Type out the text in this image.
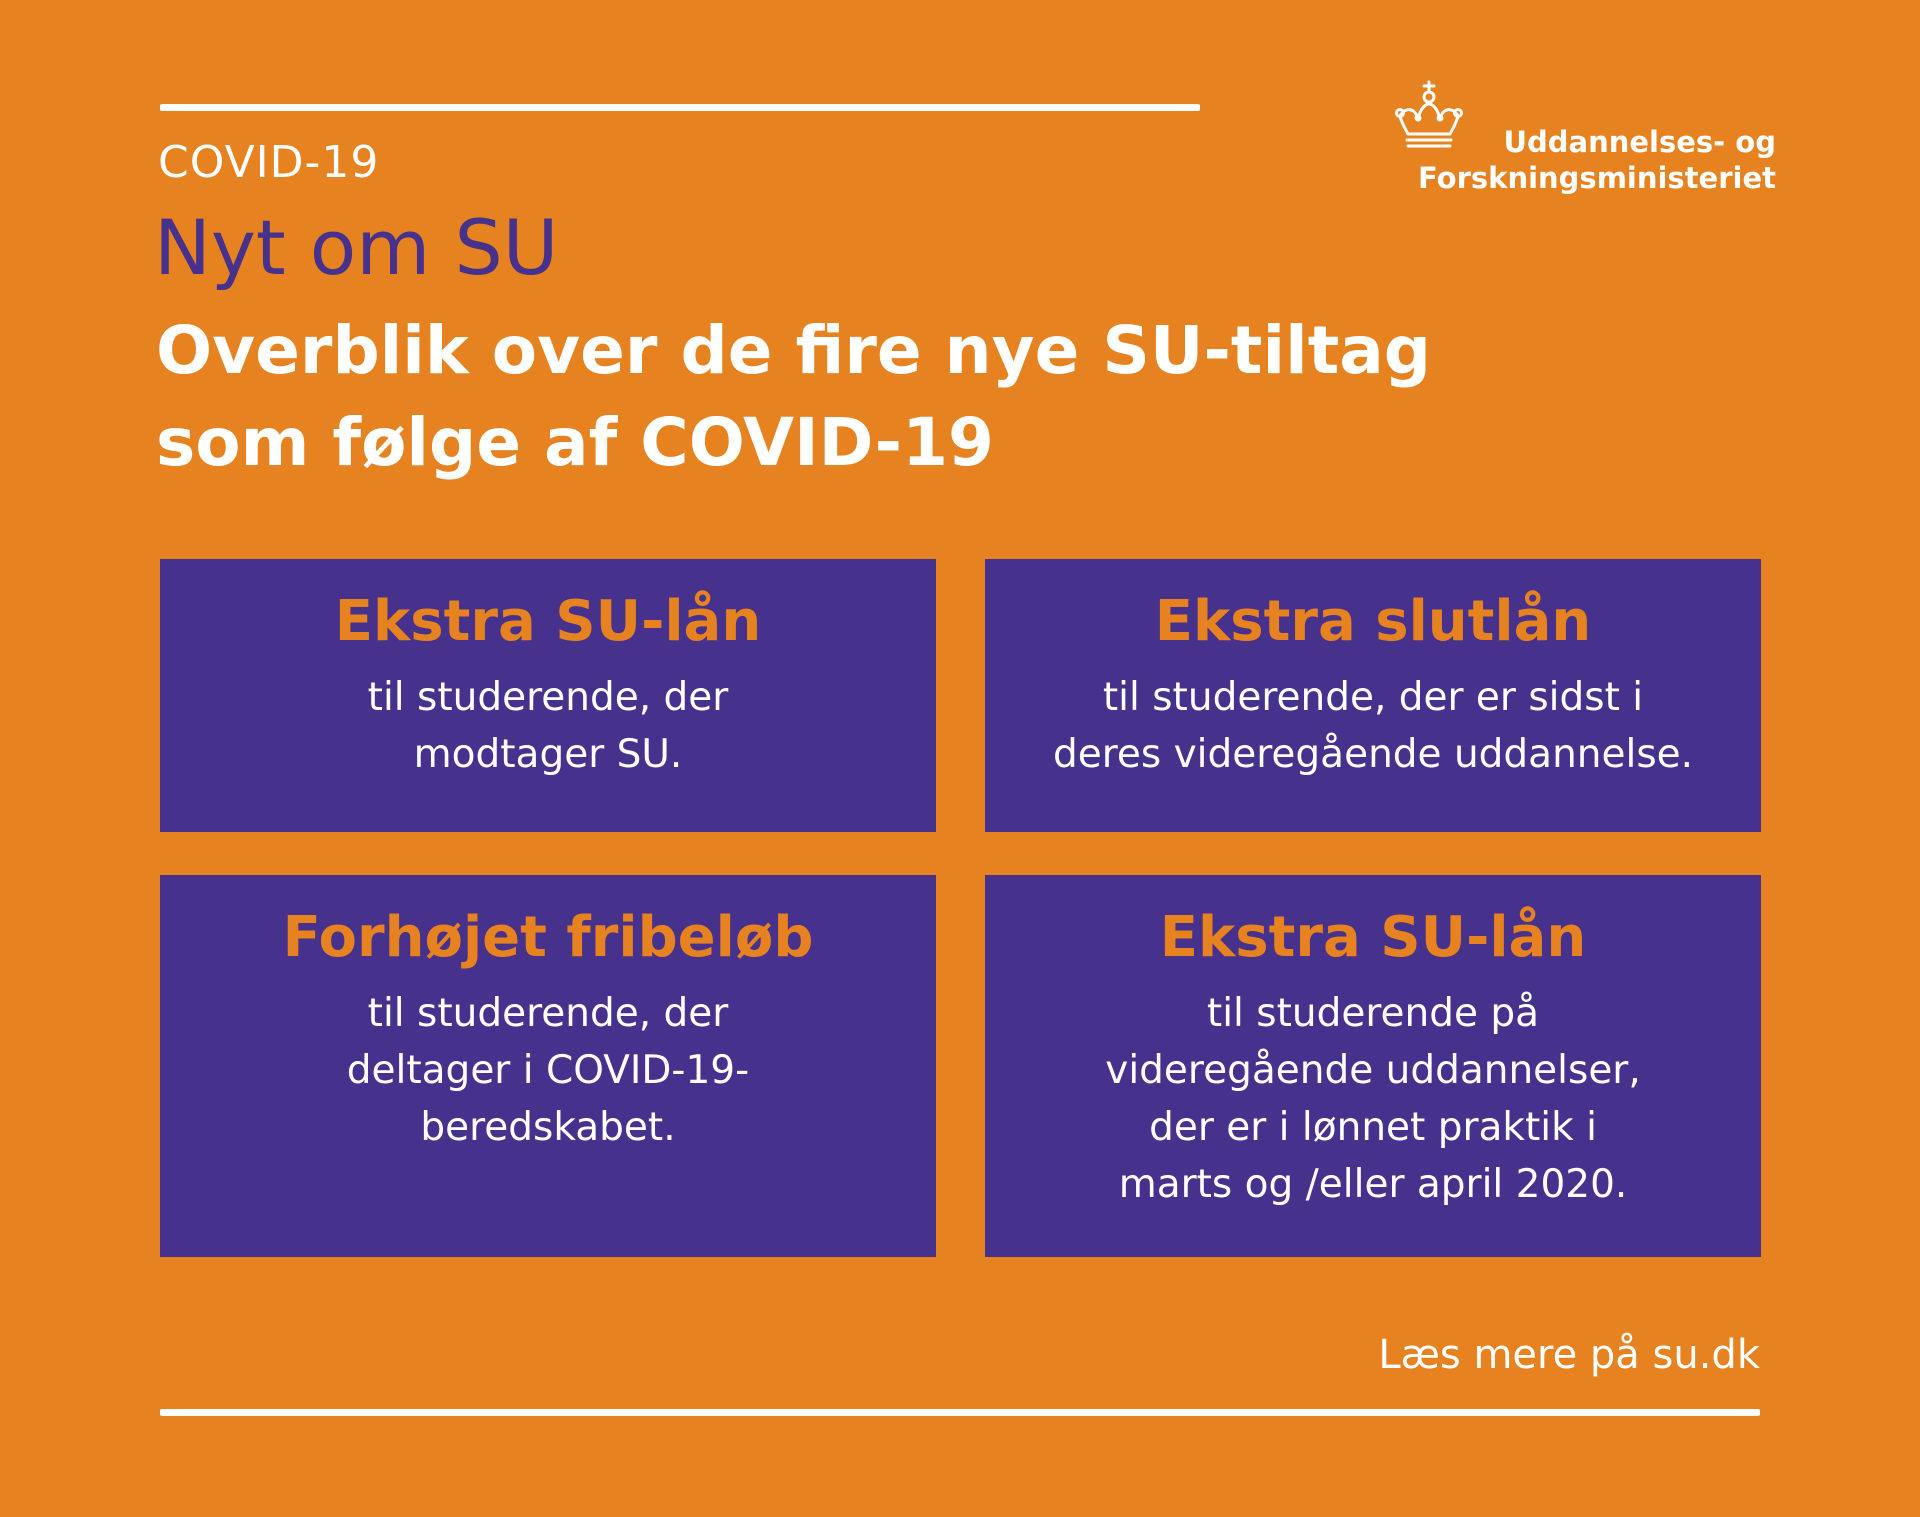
COVID-19
Nyt om SU
Overblik over de fire nye SU-tiltag
som følge af COVID-19
Uddannelses- og
Forskningsministeriet
Ekstra SU-lån
til studerende, der
modtager SU.
Ekstra slutlån
til studerende, der er sidst i
deres videregående uddannelse.
Forhøjet fribeløb
til studerende, der
deltager i COVID-19-
beredskabet.
Ekstra SU-lån
til studerende på
videregående uddannelser,
der er i lønnet praktik i
marts og /eller april 2020.
Læs mere på su.dk
